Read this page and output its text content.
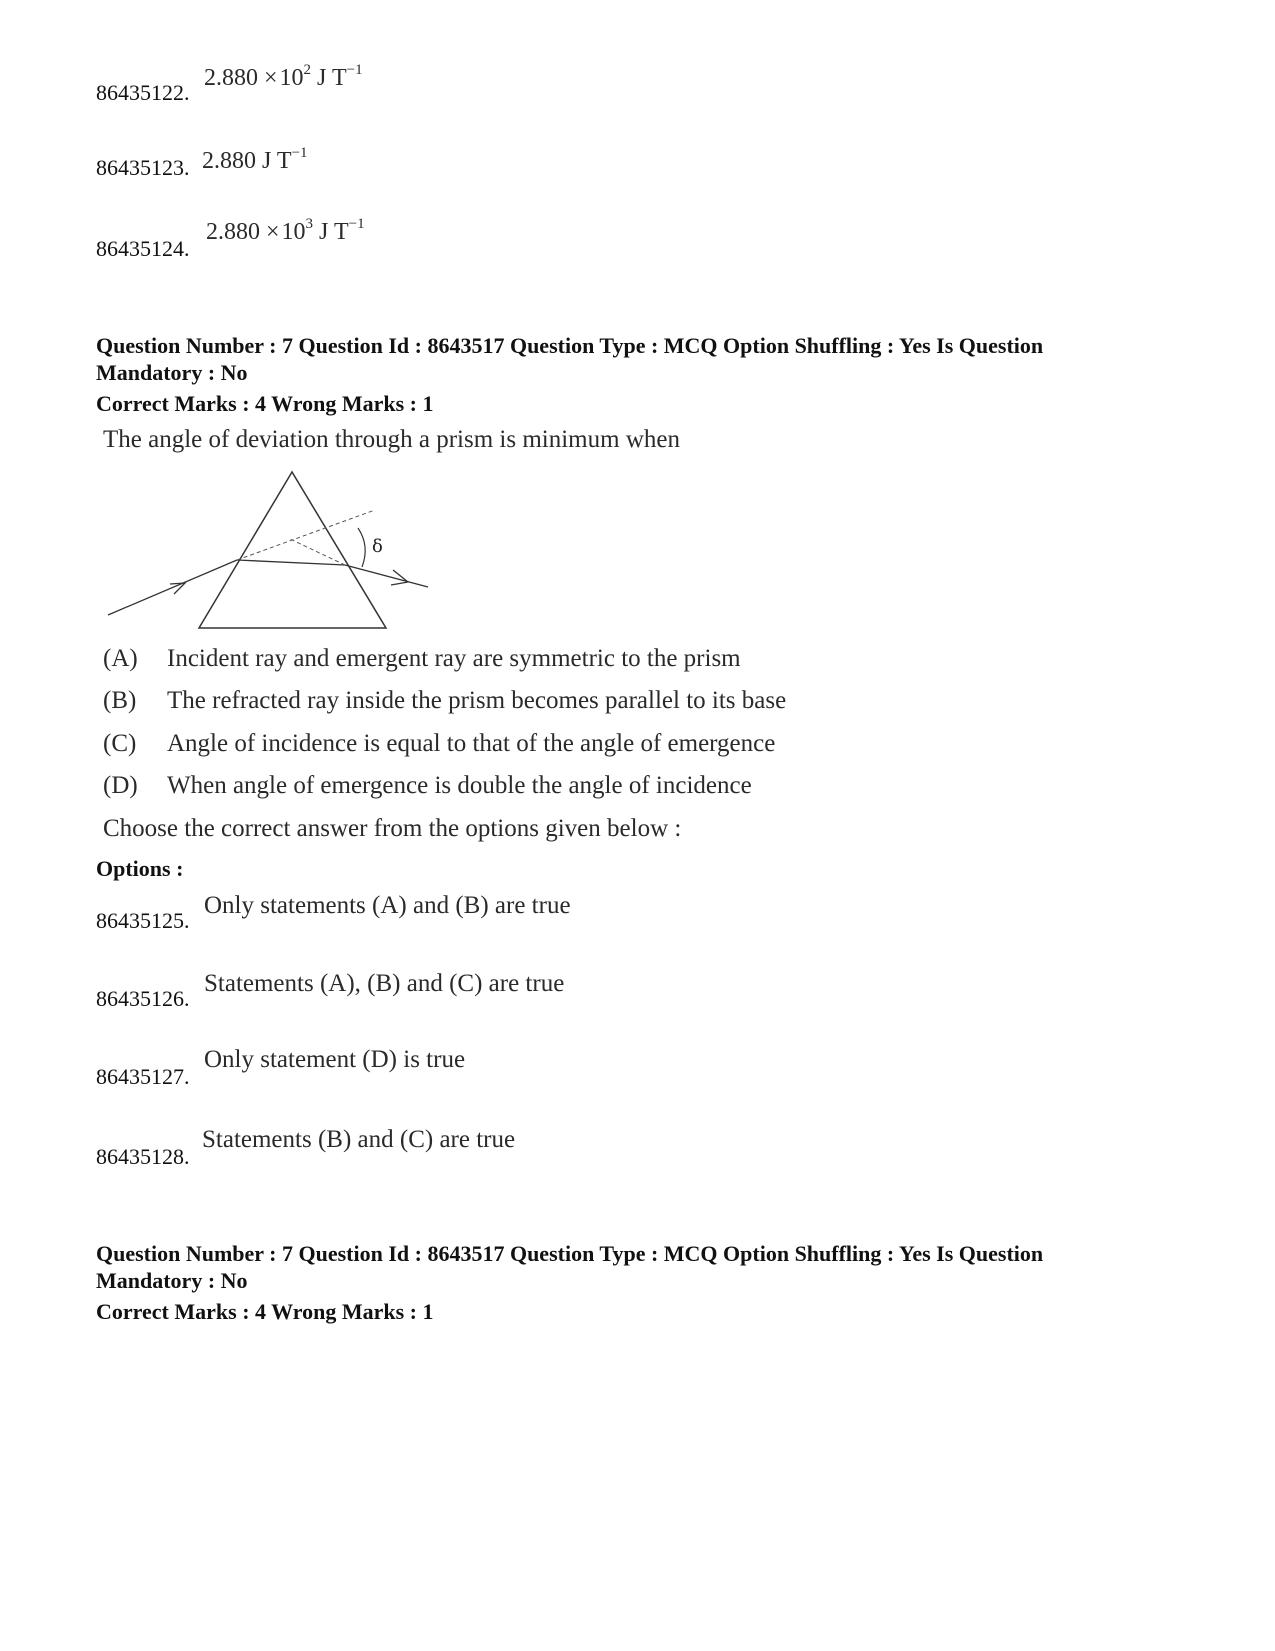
86435122.
$2.880 \times 10^2$ J $T^{-1}$
86435123. 2.880 J $T^{-1}$
86435124.
$2.880 \times 10^3$ J $T^{-1}$
Question Number : 7 Question Id : 8643517 Question Type : MCQ Option Shuffling : Yes Is Question
Mandatory : No
Correct Marks : 4 Wrong Marks : 1
The angle of deviation through a prism is minimum when
δ
(A) Incident ray and emergent ray are symmetric to the prism
(B) The refracted ray inside the prism becomes parallel to its base
(C) Angle of incidence is equal to that of the angle of emergence
(D) When angle of emergence is double the angle of incidence
Choose the correct answer from the options given below :
Options :
86435125.
Only statements (A) and (B) are true
86435126.
Statements (A), (B) and (C) are true
86435127.
Only statement (D) is true
86435128.
Statements (B) and (C) are true
Question Number : 7 Question Id : 8643517 Question Type : MCQ Option Shuffling : Yes Is Question
Mandatory : No
Correct Marks : 4 Wrong Marks : 1
